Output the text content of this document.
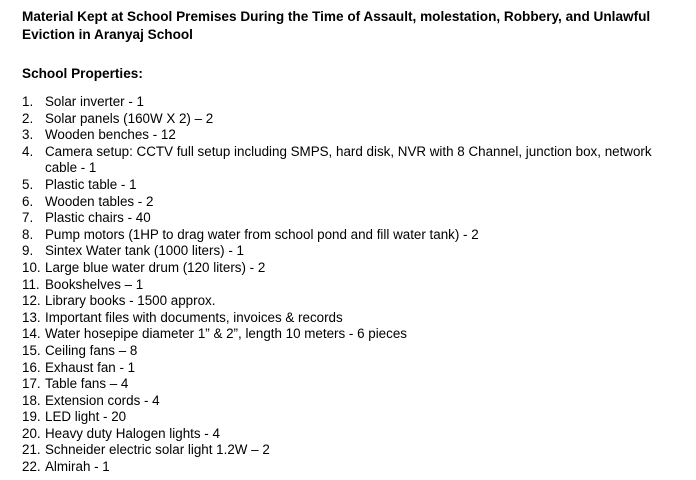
Material Kept at School Premises During the Time of Assault, molestation, Robbery, and Unlawful Eviction in Aranyaj School
School Properties:
1. Solar inverter - 1
2. Solar panels (160W X 2) – 2
3. Wooden benches - 12
4. Camera setup: CCTV full setup including SMPS, hard disk, NVR with 8 Channel, junction box, network cable - 1
5. Plastic table - 1
6. Wooden tables - 2
7. Plastic chairs - 40
8. Pump motors (1HP to drag water from school pond and fill water tank) - 2
9. Sintex Water tank (1000 liters) - 1
10. Large blue water drum (120 liters) - 2
11. Bookshelves – 1
12. Library books - 1500 approx.
13. Important files with documents, invoices & records
14. Water hosepipe diameter 1” & 2”, length 10 meters - 6 pieces
15. Ceiling fans – 8
16. Exhaust fan - 1
17. Table fans – 4
18. Extension cords - 4
19. LED light - 20
20. Heavy duty Halogen lights - 4
21. Schneider electric solar light 1.2W – 2
22. Almirah - 1
